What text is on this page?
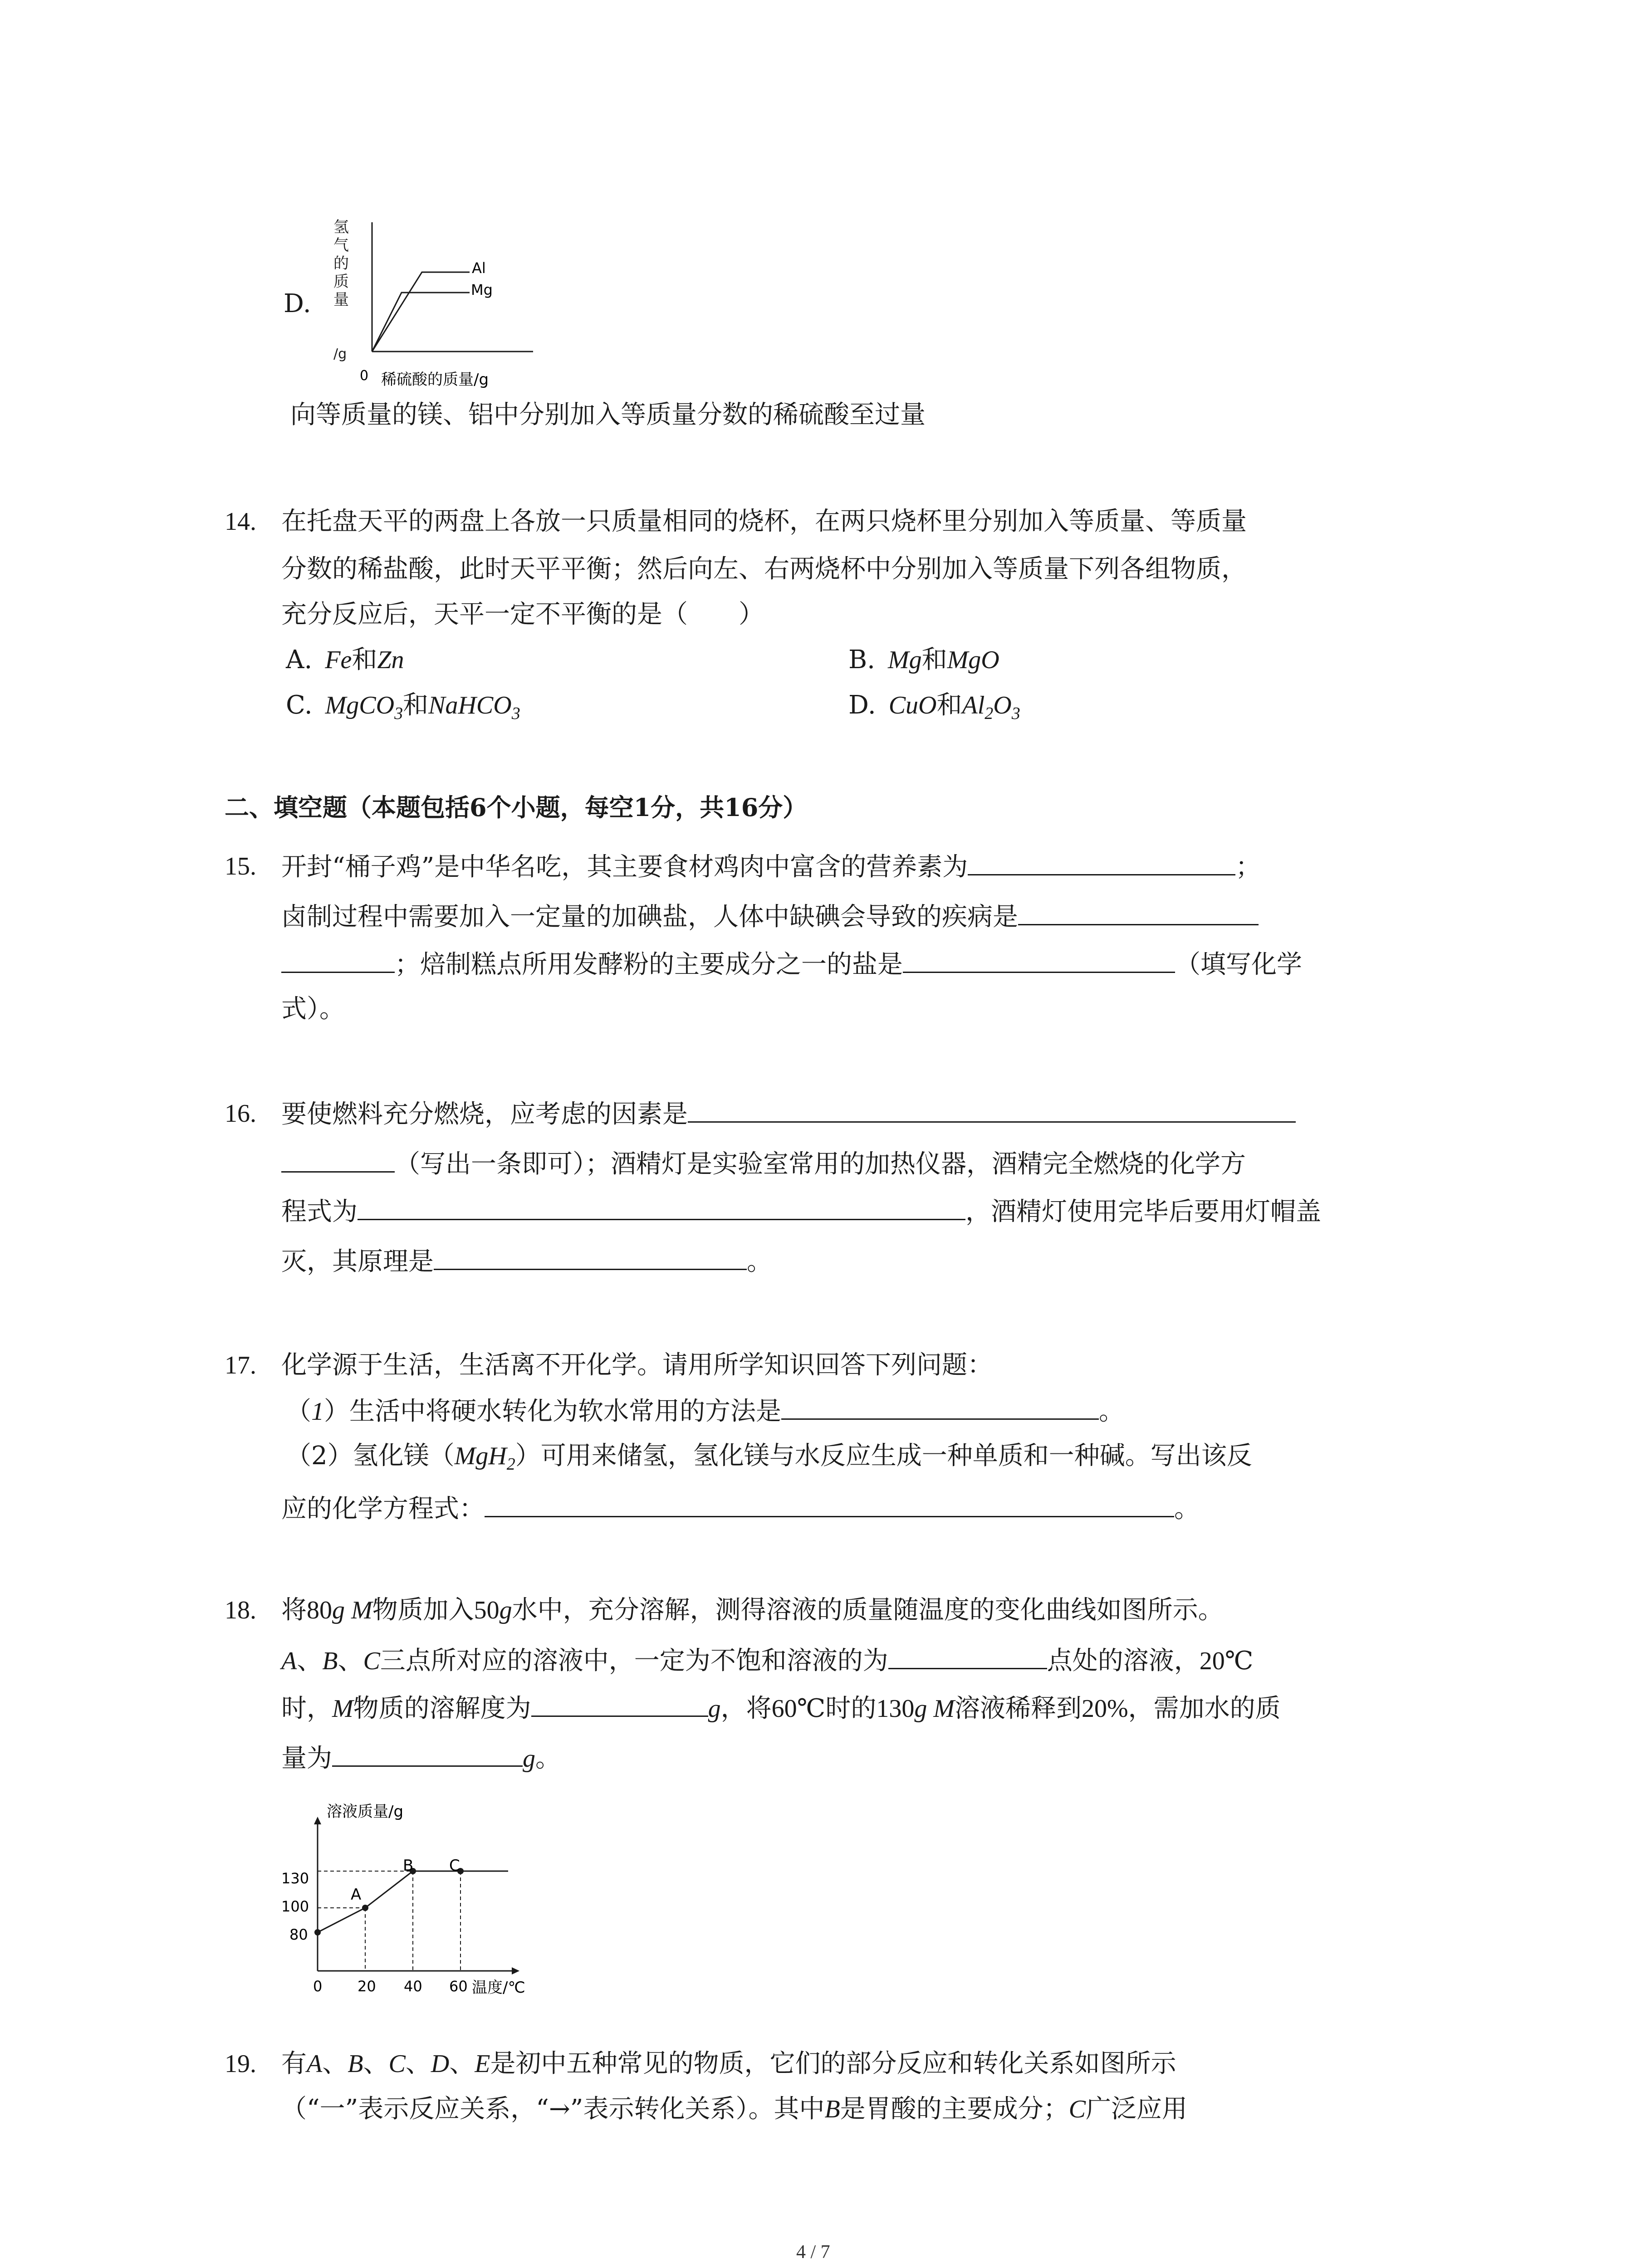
D.
氢
气
的
质
量
/g
Al
Mg
0 稀硫酸的质量/g
向等质量的镁、铝中分别加入等质量分数的稀硫酸至过量
14. 在托盘天平的两盘上各放一只质量相同的烧杯，在两只烧杯里分别加入等质量、等质量
分数的稀盐酸，此时天平平衡；然后向左、右两烧杯中分别加入等质量下列各组物质，
充分反应后，天平一定不平衡的是（　　）
A.  Fe和Zn	B.  Mg和MgO
C.  MgCO$_3$和NaHCO$_3$	D.  CuO和$Al_2O_3$
二、填空题（本题包括6个小题，每空1分，共16分）
15. 开封“桶子鸡”是中华名吃，其主要食材鸡肉中富含的营养素为	；
卤制过程中需要加入一定量的加碘盐，人体中缺碘会导致的疾病是
；焙制糕点所用发酵粉的主要成分之一的盐是	（填写化学
式）。
16. 要使燃料充分燃烧，应考虑的因素是
（写出一条即可）；酒精灯是实验室常用的加热仪器，酒精完全燃烧的化学方
程式为	，酒精灯使用完毕后要用灯帽盖
灭，其原理是	。
17. 化学源于生活，生活离不开化学。请用所学知识回答下列问题：
（1）生活中将硬水转化为软水常用的方法是	。
（2）氢化镁（MgH$_2$）可用来储氢，氢化镁与水反应生成一种单质和一种碱。写出该反
应的化学方程式：	。
18. 将80g  M物质加入50g水中，充分溶解，测得溶液的质量随温度的变化曲线如图所示。
A、B、C三点所对应的溶液中，一定为不饱和溶液的为	点处的溶液，20℃
时，M物质的溶解度为	g，将60℃时的130g  M溶液稀释到20%，需加水的质
量为	g。
溶液质量/g
130
100
80
0 20 40 60 温度/℃
A
B C
19. 有A、B、C、D、E是初中五种常见的物质，它们的部分反应和转化关系如图所示
（“一”表示反应关系，“→”表示转化关系）。其中B是胃酸的主要成分；C广泛应用
4 / 7
